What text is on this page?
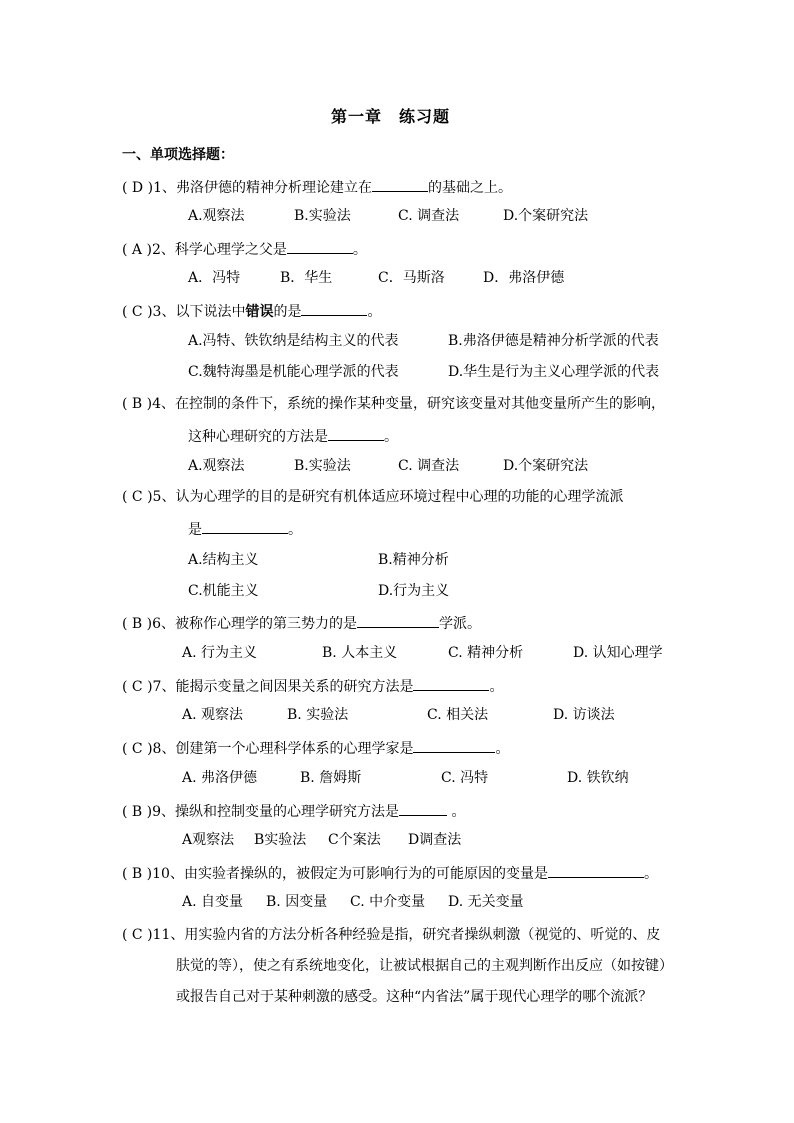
第一章　练习题
一、单项选择题：
( D )1、弗洛伊德的精神分析理论建立在	的基础之上。
A.观察法	B.实验法	C. 调查法	D.个案研究法
( A )2、科学心理学之父是	。
A．冯特	B．华生	C．马斯洛	D．弗洛伊德
( C )3、以下说法中错误的是	。
A.冯特、铁钦纳是结构主义的代表	B.弗洛伊德是精神分析学派的代表
C.魏特海墨是机能心理学派的代表	D.华生是行为主义心理学派的代表
( B )4、在控制的条件下，系统的操作某种变量，研究该变量对其他变量所产生的影响，
这种心理研究的方法是	。
A.观察法	B.实验法	C. 调查法	D.个案研究法
( C )5、认为心理学的目的是研究有机体适应环境过程中心理的功能的心理学流派
是	。
A.结构主义	B.精神分析
C.机能主义	D.行为主义
( B )6、被称作心理学的第三势力的是	学派。
A. 行为主义	B. 人本主义	C. 精神分析	D. 认知心理学
( C )7、能揭示变量之间因果关系的研究方法是	。
A. 观察法	B. 实验法	C. 相关法	D. 访谈法
( C )8、创建第一个心理科学体系的心理学家是	。
A. 弗洛伊德	B. 詹姆斯	C. 冯特	D. 铁钦纳
( B )9、操纵和控制变量的心理学研究方法是	。
A观察法 B实验法 C个案法 D调查法
( B )10、由实验者操纵的，被假定为可影响行为的可能原因的变量是	。
A. 自变量 B. 因变量 C. 中介变量 D. 无关变量
( C )11、用实验内省的方法分析各种经验是指，研究者操纵刺激（视觉的、听觉的、皮
肤觉的等），使之有系统地变化，让被试根据自己的主观判断作出反应（如按键）
或报告自己对于某种刺激的感受。这种“内省法”属于现代心理学的哪个流派？
